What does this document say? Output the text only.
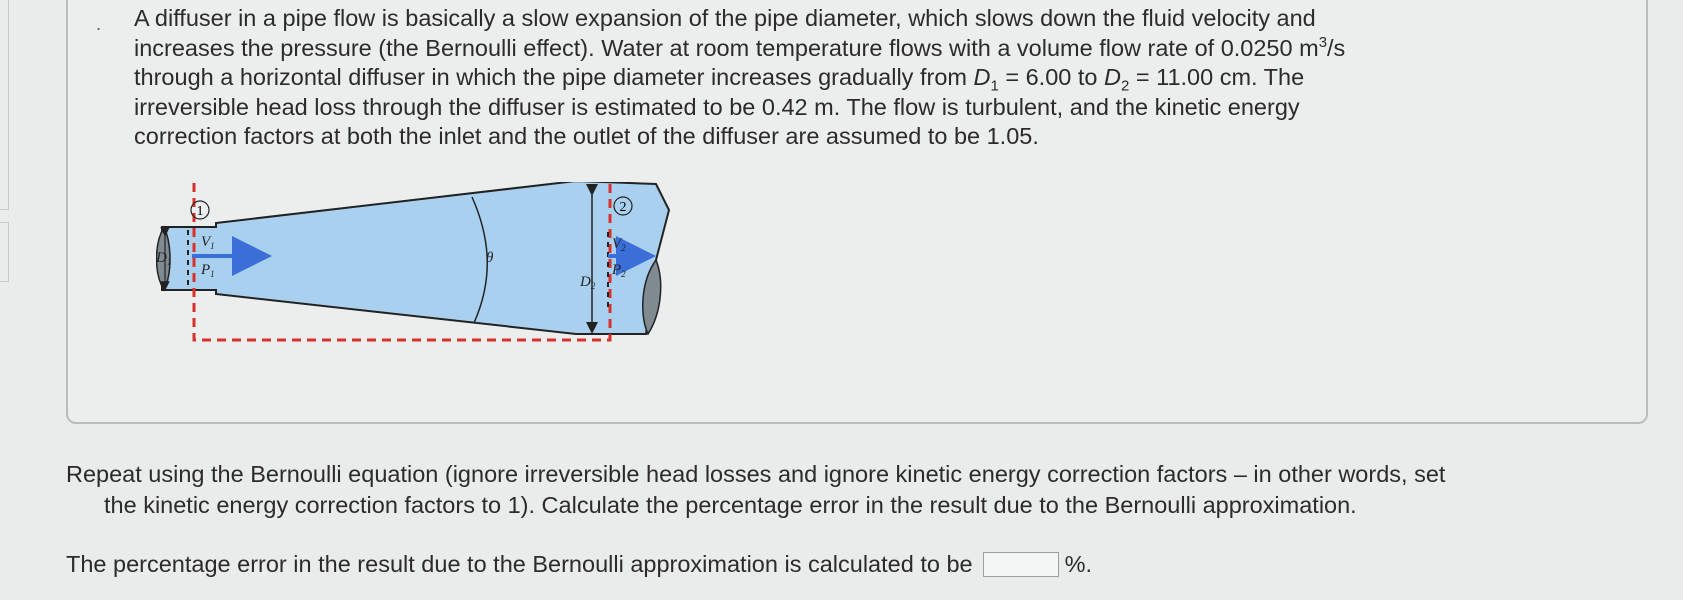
. A diffuser in a pipe flow is basically a slow expansion of the pipe diameter, which slows down the fluid velocity and
increases the pressure (the Bernoulli effect). Water at room temperature flows with a volume flow rate of 0.0250 $m^3/s$
through a horizontal diffuser in which the pipe diameter increases gradually from $D_1 = 6.00$ to $D_2 = 11.00$ cm. The
irreversible head loss through the diffuser is estimated to be 0.42 m. The flow is turbulent, and the kinetic energy
correction factors at both the inlet and the outlet of the diffuser are assumed to be 1.05.

1	2
$V_1$
$P_1$
$D_1$
$V_2$
$P_2$
$D_2$
θ

Repeat using the Bernoulli equation (ignore irreversible head losses and ignore kinetic energy correction factors – in other words, set
the kinetic energy correction factors to 1). Calculate the percentage error in the result due to the Bernoulli approximation.

The percentage error in the result due to the Bernoulli approximation is calculated to be	%.
